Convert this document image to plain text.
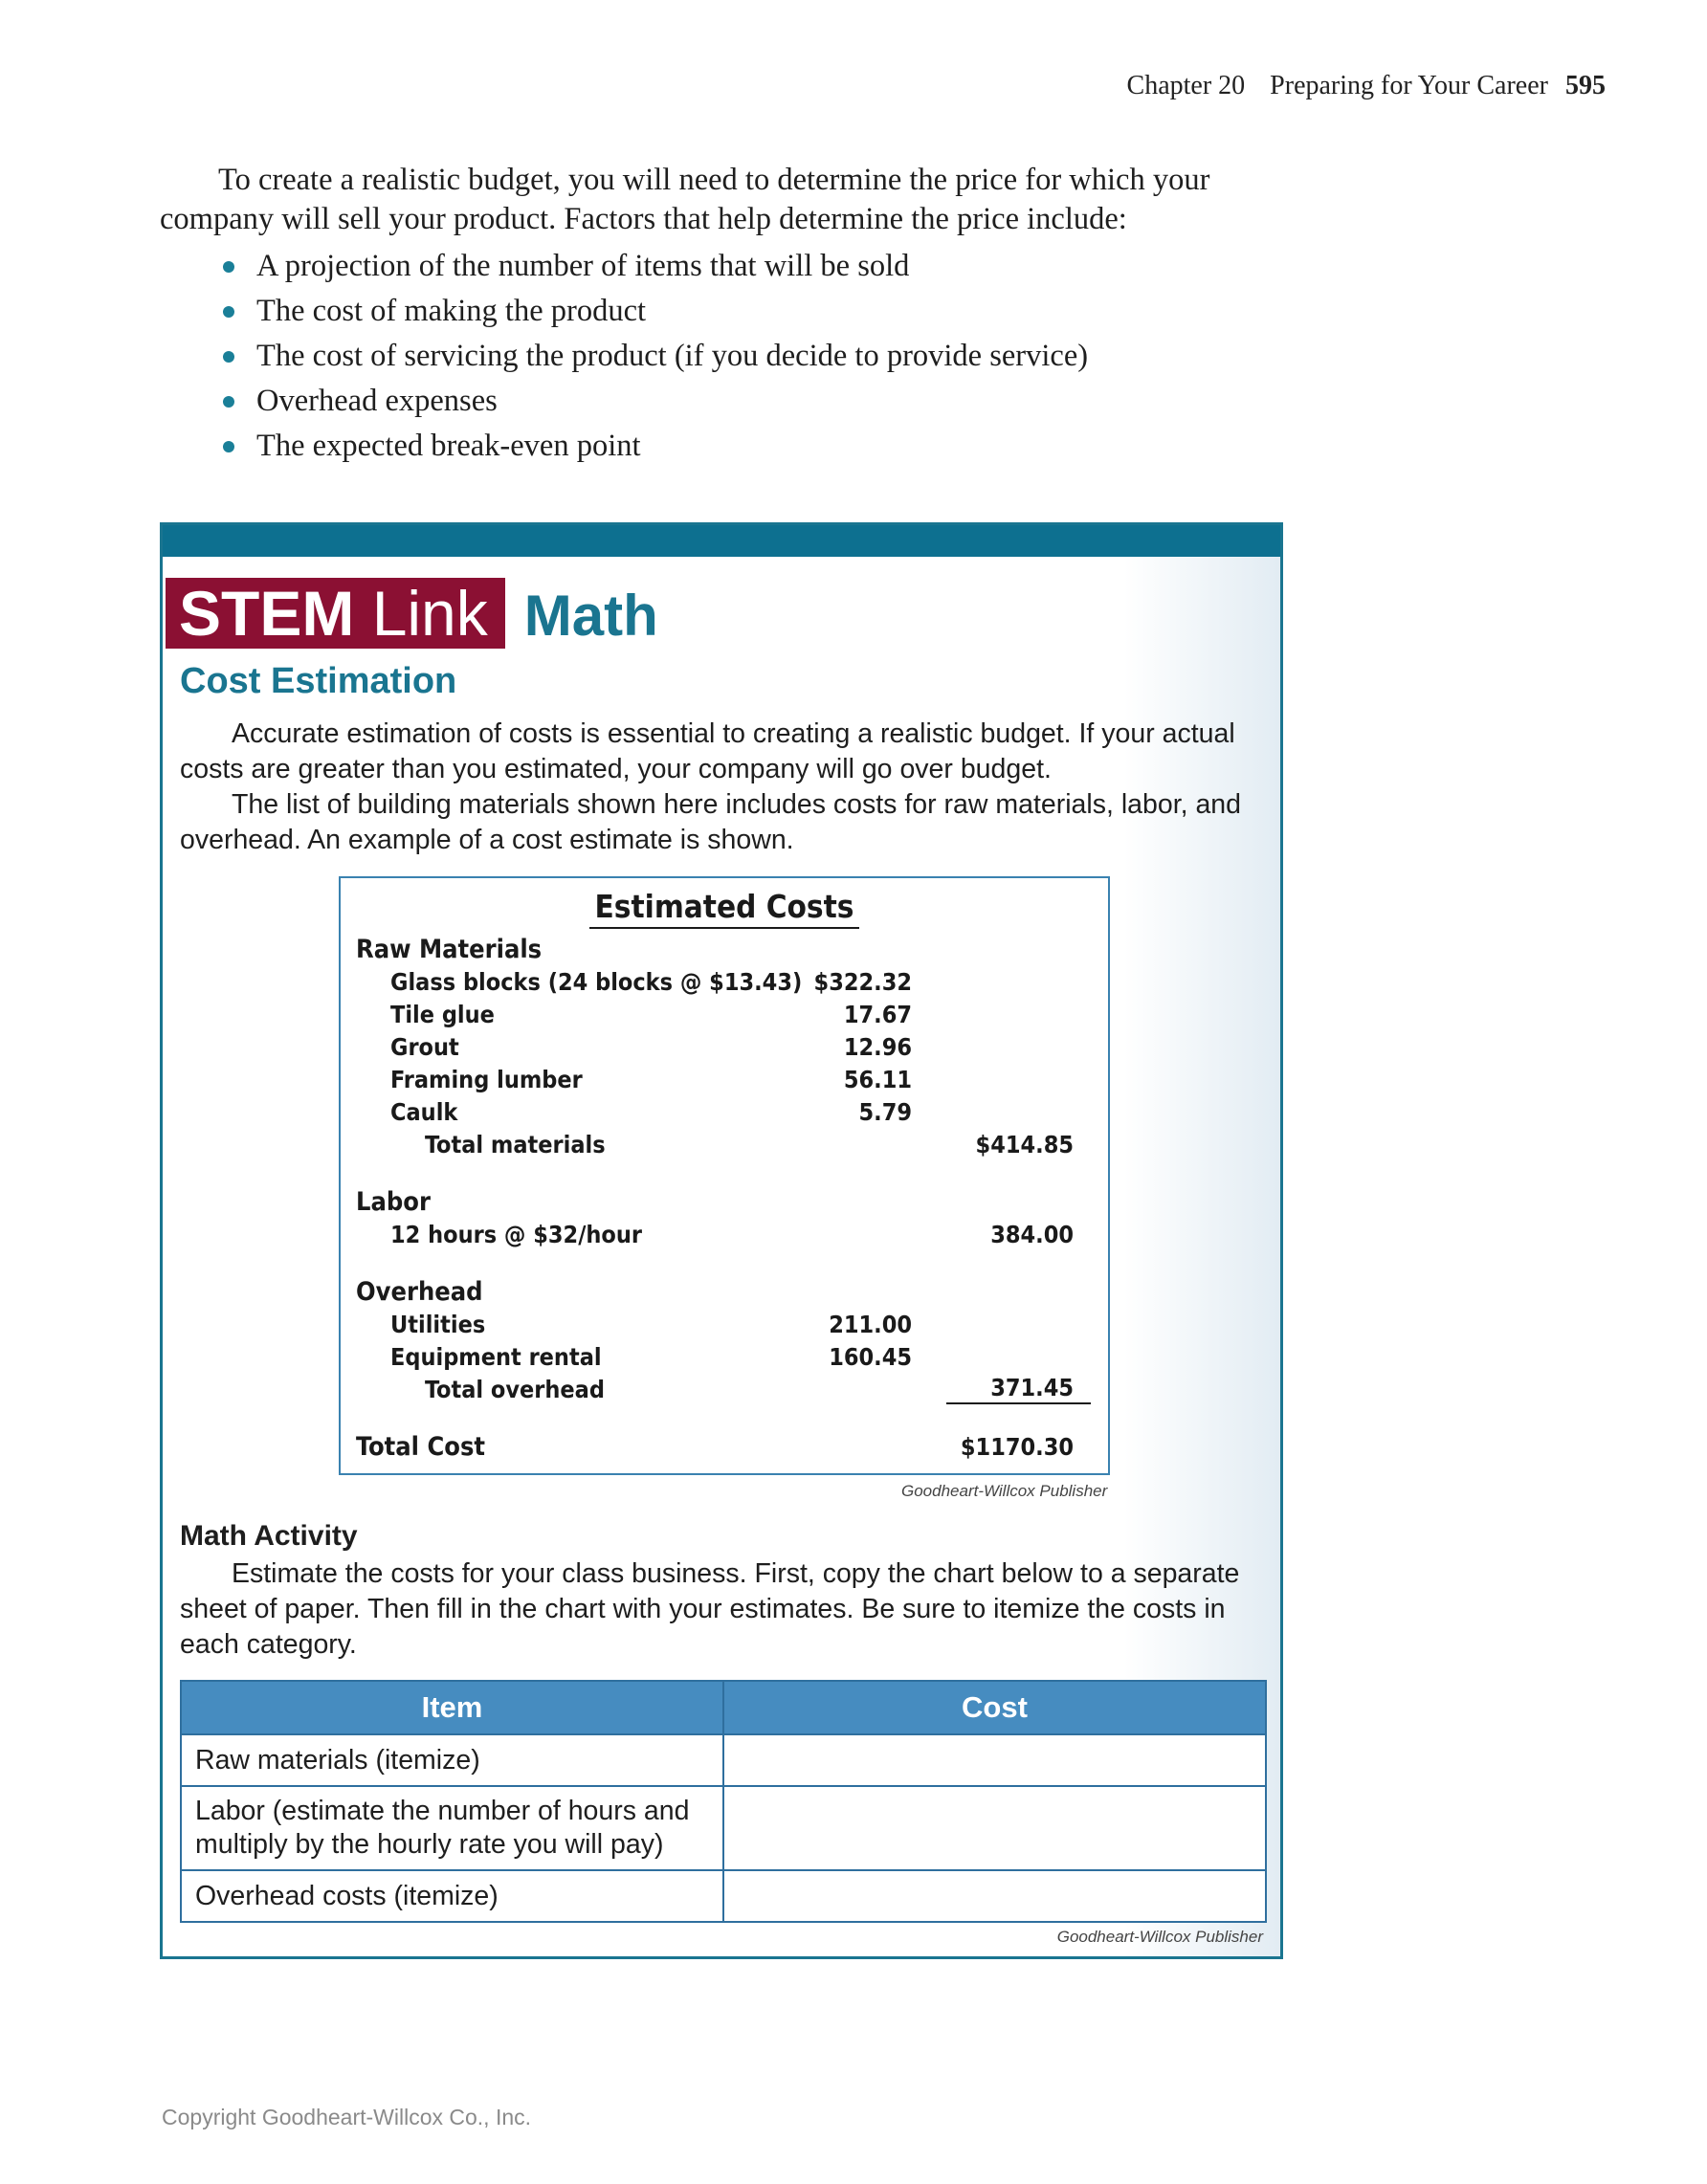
Chapter 20 Preparing for Your Career 595

To create a realistic budget, you will need to determine the price for which your company will sell your product. Factors that help determine the price include:

A projection of the number of items that will be sold
The cost of making the product
The cost of servicing the product (if you decide to provide service)
Overhead expenses
The expected break-even point
STEM Link Math
Cost Estimation

Accurate estimation of costs is essential to creating a realistic budget. If your actual costs are greater than you estimated, your company will go over budget.

The list of building materials shown here includes costs for raw materials, labor, and overhead. An example of a cost estimate is shown.

Estimated Costs
Raw Materials
Glass blocks (24 blocks @ $13.43) $322.32
Tile glue	17.67
Grout	12.96
Framing lumber	56.11
Caulk	5.79
Total materials	$414.85
Labor
12 hours @ $32/hour	384.00
Overhead
Utilities	211.00
Equipment rental	160.45
Total overhead	371.45
Total Cost	$1170.30
Goodheart-Willcox Publisher
Math Activity

Estimate the costs for your class business. First, copy the chart below to a separate sheet of paper. Then fill in the chart with your estimates. Be sure to itemize the costs in each category.

Item	Cost
Raw materials (itemize)	
Labor (estimate the number of hours and multiply by the hourly rate you will pay)	
Overhead costs (itemize)	
Goodheart-Willcox Publisher
Copyright Goodheart-Willcox Co., Inc.
